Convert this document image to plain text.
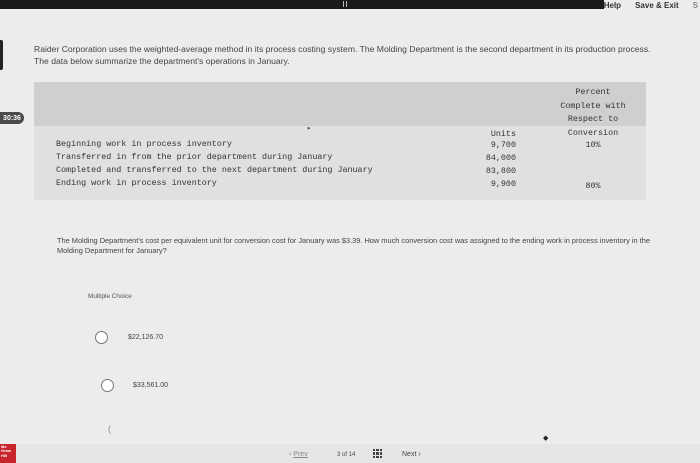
Help Save & Exit S
30:36
Raider Corporation uses the weighted-average method in its process costing system. The Molding Department is the second department in its production process. The data below summarize the department's operations in January.
Percent
Complete with
Respect to
Conversion
Units
▸
Beginning work in process inventory	9,700	10%
Transferred in from the prior department during January	84,000
Completed and transferred to the next department during January	83,800
Ending work in process inventory	9,900	80%
The Molding Department's cost per equivalent unit for conversion cost for January was $3.39. How much conversion cost was assigned to the ending work in process inventory in the Molding Department for January?
Multiple Choice
$22,126.70
$33,561.00
(
◆
Mc Graw Hill	‹ Prev	3 of 14	Next ›
